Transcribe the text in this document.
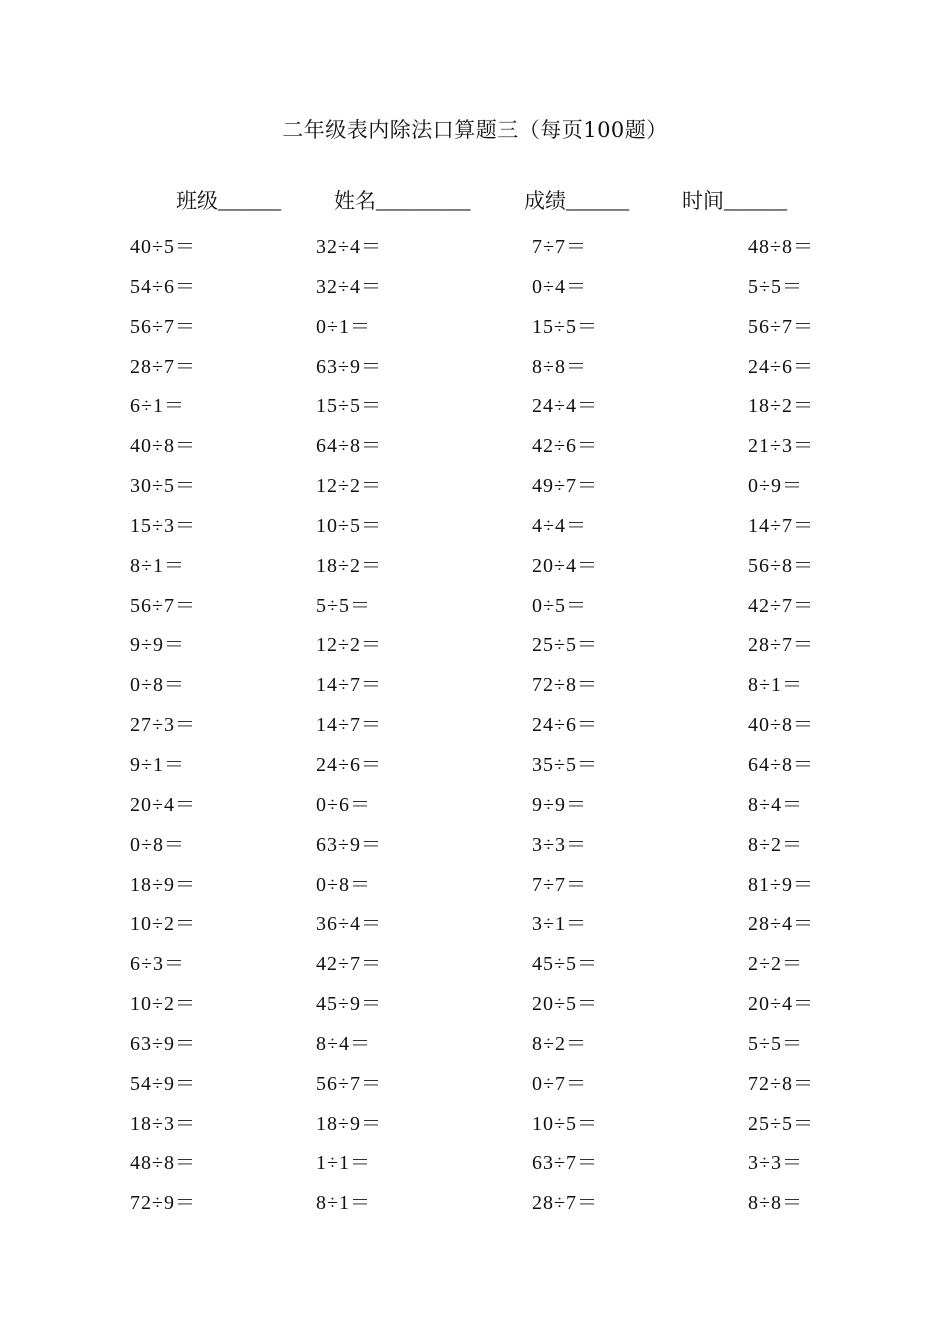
二年级表内除法口算题三（每页100题）
班级______	姓名_________	成绩______	时间______
40÷5＝	32÷4＝	7÷7＝	48÷8＝
54÷6＝	32÷4＝	0÷4＝	5÷5＝
56÷7＝	0÷1＝	15÷5＝	56÷7＝
28÷7＝	63÷9＝	8÷8＝	24÷6＝
6÷1＝	15÷5＝	24÷4＝	18÷2＝
40÷8＝	64÷8＝	42÷6＝	21÷3＝
30÷5＝	12÷2＝	49÷7＝	0÷9＝
15÷3＝	10÷5＝	4÷4＝	14÷7＝
8÷1＝	18÷2＝	20÷4＝	56÷8＝
56÷7＝	5÷5＝	0÷5＝	42÷7＝
9÷9＝	12÷2＝	25÷5＝	28÷7＝
0÷8＝	14÷7＝	72÷8＝	8÷1＝
27÷3＝	14÷7＝	24÷6＝	40÷8＝
9÷1＝	24÷6＝	35÷5＝	64÷8＝
20÷4＝	0÷6＝	9÷9＝	8÷4＝
0÷8＝	63÷9＝	3÷3＝	8÷2＝
18÷9＝	0÷8＝	7÷7＝	81÷9＝
10÷2＝	36÷4＝	3÷1＝	28÷4＝
6÷3＝	42÷7＝	45÷5＝	2÷2＝
10÷2＝	45÷9＝	20÷5＝	20÷4＝
63÷9＝	8÷4＝	8÷2＝	5÷5＝
54÷9＝	56÷7＝	0÷7＝	72÷8＝
18÷3＝	18÷9＝	10÷5＝	25÷5＝
48÷8＝	1÷1＝	63÷7＝	3÷3＝
72÷9＝	8÷1＝	28÷7＝	8÷8＝
